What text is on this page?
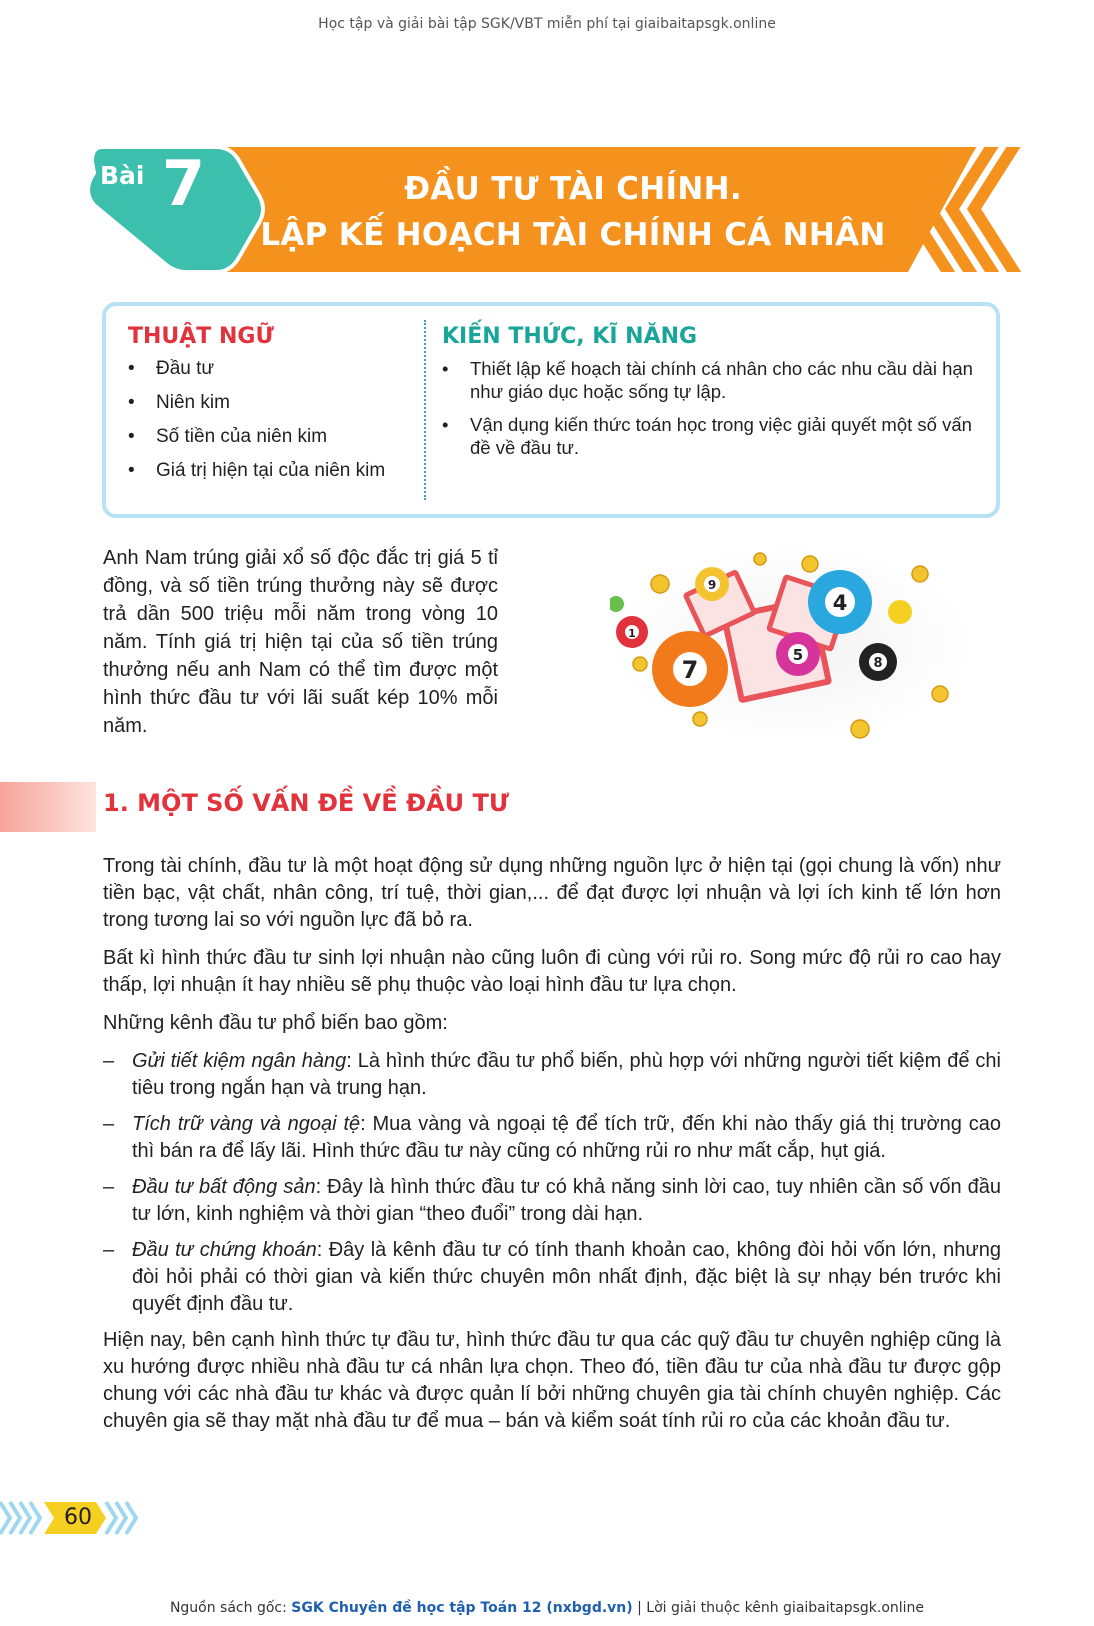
Học tập và giải bài tập SGK/VBT miễn phí tại giaibaitapsgk.online
Bài 7	ĐẦU TƯ TÀI CHÍNH.
LẬP KẾ HOẠCH TÀI CHÍNH CÁ NHÂN
THUẬT NGỮ
• Đầu tư
• Niên kim
• Số tiền của niên kim
• Giá trị hiện tại của niên kim
KIẾN THỨC, KĨ NĂNG
• Thiết lập kế hoạch tài chính cá nhân cho các nhu cầu dài hạn như giáo dục hoặc sống tự lập.
• Vận dụng kiến thức toán học trong việc giải quyết một số vấn đề về đầu tư.
Anh Nam trúng giải xổ số độc đắc trị giá 5 tỉ đồng, và số tiền trúng thưởng này sẽ được trả dần 500 triệu mỗi năm trong vòng 10 năm. Tính giá trị hiện tại của số tiền trúng thưởng nếu anh Nam có thể tìm được một hình thức đầu tư với lãi suất kép 10% mỗi năm.
9
4
1
7
5	8
1. MỘT SỐ VẤN ĐỀ VỀ ĐẦU TƯ

Trong tài chính, đầu tư là một hoạt động sử dụng những nguồn lực ở hiện tại (gọi chung là vốn) như tiền bạc, vật chất, nhân công, trí tuệ, thời gian,... để đạt được lợi nhuận và lợi ích kinh tế lớn hơn trong tương lai so với nguồn lực đã bỏ ra.

Bất kì hình thức đầu tư sinh lợi nhuận nào cũng luôn đi cùng với rủi ro. Song mức độ rủi ro cao hay thấp, lợi nhuận ít hay nhiều sẽ phụ thuộc vào loại hình đầu tư lựa chọn.

Những kênh đầu tư phổ biến bao gồm:

– Gửi tiết kiệm ngân hàng: Là hình thức đầu tư phổ biến, phù hợp với những người tiết kiệm để chi tiêu trong ngắn hạn và trung hạn.
– Tích trữ vàng và ngoại tệ: Mua vàng và ngoại tệ để tích trữ, đến khi nào thấy giá thị trường cao thì bán ra để lấy lãi. Hình thức đầu tư này cũng có những rủi ro như mất cắp, hụt giá.
– Đầu tư bất động sản: Đây là hình thức đầu tư có khả năng sinh lời cao, tuy nhiên cần số vốn đầu tư lớn, kinh nghiệm và thời gian “theo đuổi” trong dài hạn.
– Đầu tư chứng khoán: Đây là kênh đầu tư có tính thanh khoản cao, không đòi hỏi vốn lớn, nhưng đòi hỏi phải có thời gian và kiến thức chuyên môn nhất định, đặc biệt là sự nhạy bén trước khi quyết định đầu tư.

Hiện nay, bên cạnh hình thức tự đầu tư, hình thức đầu tư qua các quỹ đầu tư chuyên nghiệp cũng là xu hướng được nhiều nhà đầu tư cá nhân lựa chọn. Theo đó, tiền đầu tư của nhà đầu tư được gộp chung với các nhà đầu tư khác và được quản lí bởi những chuyên gia tài chính chuyên nghiệp. Các chuyên gia sẽ thay mặt nhà đầu tư để mua – bán và kiểm soát tính rủi ro của các khoản đầu tư.

60
Nguồn sách gốc: SGK Chuyên đề học tập Toán 12 (nxbgd.vn) | Lời giải thuộc kênh giaibaitapsgk.online
